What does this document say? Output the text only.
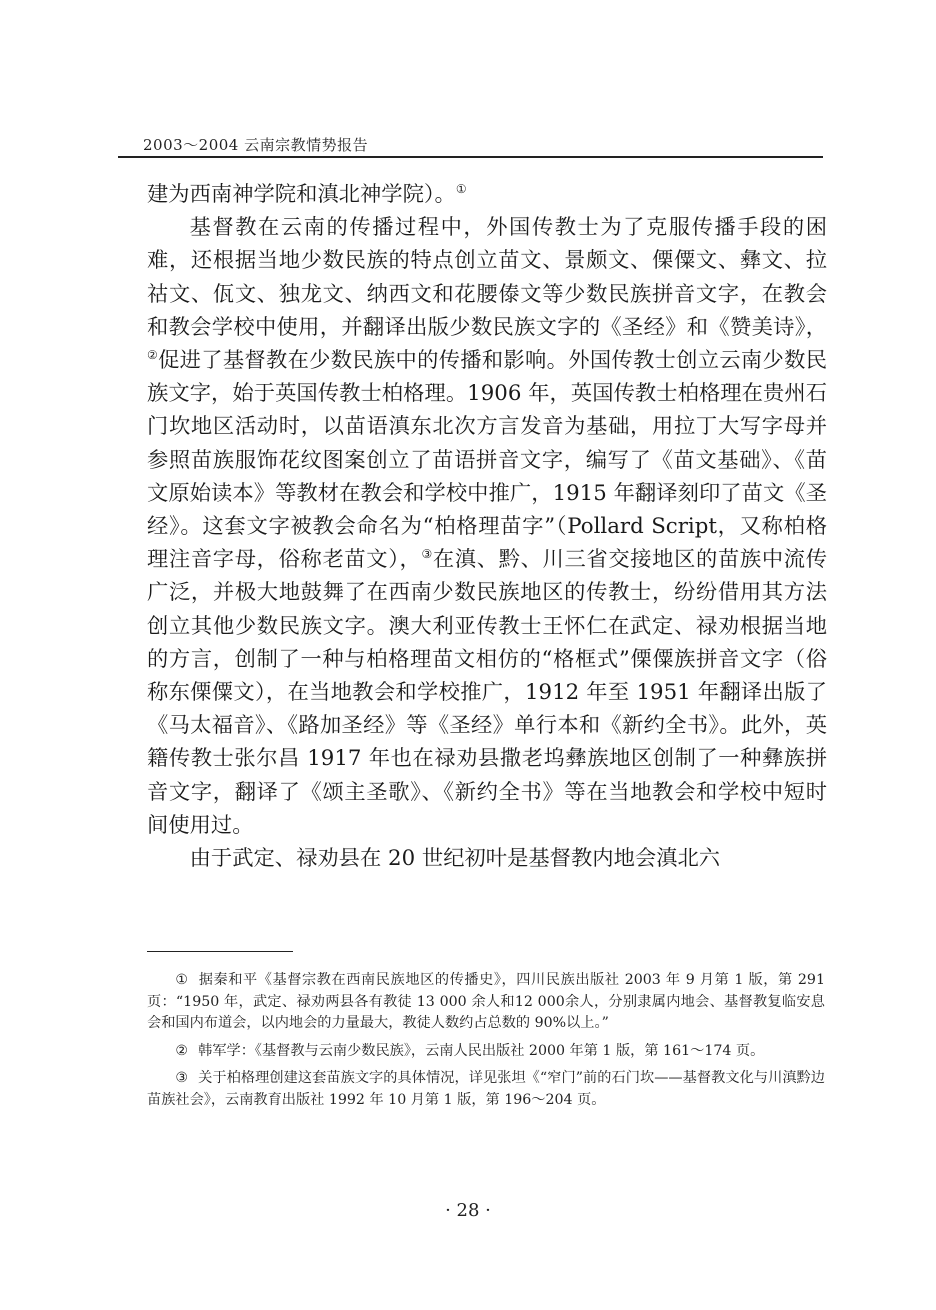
2003～2004 云南宗教情势报告

建为西南神学院和滇北神学院）。①

基督教在云南的传播过程中，外国传教士为了克服传播手段的困难，还根据当地少数民族的特点创立苗文、景颇文、傈僳文、彝文、拉祜文、佤文、独龙文、纳西文和花腰傣文等少数民族拼音文字，在教会和教会学校中使用，并翻译出版少数民族文字的《圣经》和《赞美诗》，②促进了基督教在少数民族中的传播和影响。外国传教士创立云南少数民族文字，始于英国传教士柏格理。1906 年，英国传教士柏格理在贵州石门坎地区活动时，以苗语滇东北次方言发音为基础，用拉丁大写字母并参照苗族服饰花纹图案创立了苗语拼音文字，编写了《苗文基础》、《苗文原始读本》等教材在教会和学校中推广，1915 年翻译刻印了苗文《圣经》。这套文字被教会命名为“柏格理苗字”（Pollard Script，又称柏格理注音字母，俗称老苗文），③在滇、黔、川三省交接地区的苗族中流传广泛，并极大地鼓舞了在西南少数民族地区的传教士，纷纷借用其方法创立其他少数民族文字。澳大利亚传教士王怀仁在武定、禄劝根据当地的方言，创制了一种与柏格理苗文相仿的“格框式”傈僳族拼音文字（俗称东傈僳文），在当地教会和学校推广，1912 年至 1951 年翻译出版了《马太福音》、《路加圣经》等《圣经》单行本和《新约全书》。此外，英籍传教士张尔昌 1917 年也在禄劝县撒老坞彝族地区创制了一种彝族拼音文字，翻译了《颂主圣歌》、《新约全书》等在当地教会和学校中短时间使用过。

由于武定、禄劝县在 20 世纪初叶是基督教内地会滇北六

① 据秦和平《基督宗教在西南民族地区的传播史》，四川民族出版社 2003 年 9 月第 1 版，第 291 页：“1950 年，武定、禄劝两县各有教徒 13 000 余人和12 000余人，分别隶属内地会、基督教复临安息会和国内布道会，以内地会的力量最大，教徒人数约占总数的 90%以上。”

② 韩军学：《基督教与云南少数民族》，云南人民出版社 2000 年第 1 版，第 161～174 页。

③ 关于柏格理创建这套苗族文字的具体情况，详见张坦《“窄门”前的石门坎——基督教文化与川滇黔边苗族社会》，云南教育出版社 1992 年 10 月第 1 版，第 196～204 页。

· 28 ·
